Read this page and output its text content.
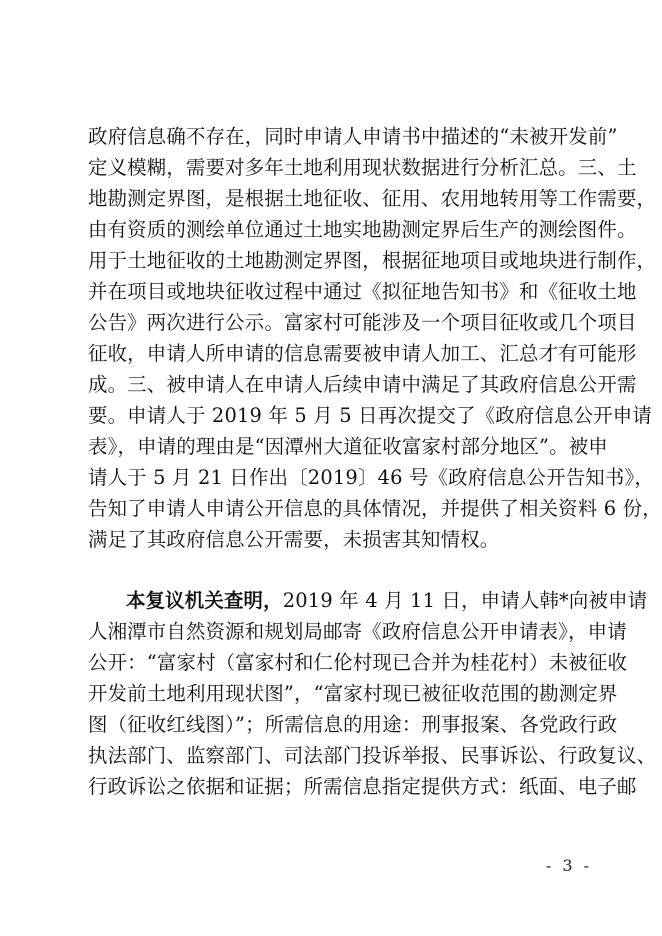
政府信息确不存在，同时申请人申请书中描述的“未被开发前”
定义模糊，需要对多年土地利用现状数据进行分析汇总。三、土
地勘测定界图，是根据土地征收、征用、农用地转用等工作需要，
由有资质的测绘单位通过土地实地勘测定界后生产的测绘图件。
用于土地征收的土地勘测定界图，根据征地项目或地块进行制作，
并在项目或地块征收过程中通过《拟征地告知书》和《征收土地
公告》两次进行公示。富家村可能涉及一个项目征收或几个项目
征收，申请人所申请的信息需要被申请人加工、汇总才有可能形
成。三、被申请人在申请人后续申请中满足了其政府信息公开需
要。申请人于 2019 年 5 月 5 日再次提交了《政府信息公开申请
表》，申请的理由是“因潭州大道征收富家村部分地区”。被申
请人于 5 月 21 日作出〔2019〕46 号《政府信息公开告知书》，
告知了申请人申请公开信息的具体情况，并提供了相关资料 6 份，
满足了其政府信息公开需要，未损害其知情权。
本复议机关查明，2019 年 4 月 11 日，申请人韩*向被申请
人湘潭市自然资源和规划局邮寄《政府信息公开申请表》，申请
公开：“富家村（富家村和仁伦村现已合并为桂花村）未被征收
开发前土地利用现状图”，“富家村现已被征收范围的勘测定界
图（征收红线图）”；所需信息的用途：刑事报案、各党政行政
执法部门、监察部门、司法部门投诉举报、民事诉讼、行政复议、
行政诉讼之依据和证据；所需信息指定提供方式：纸面、电子邮
- 3 -
